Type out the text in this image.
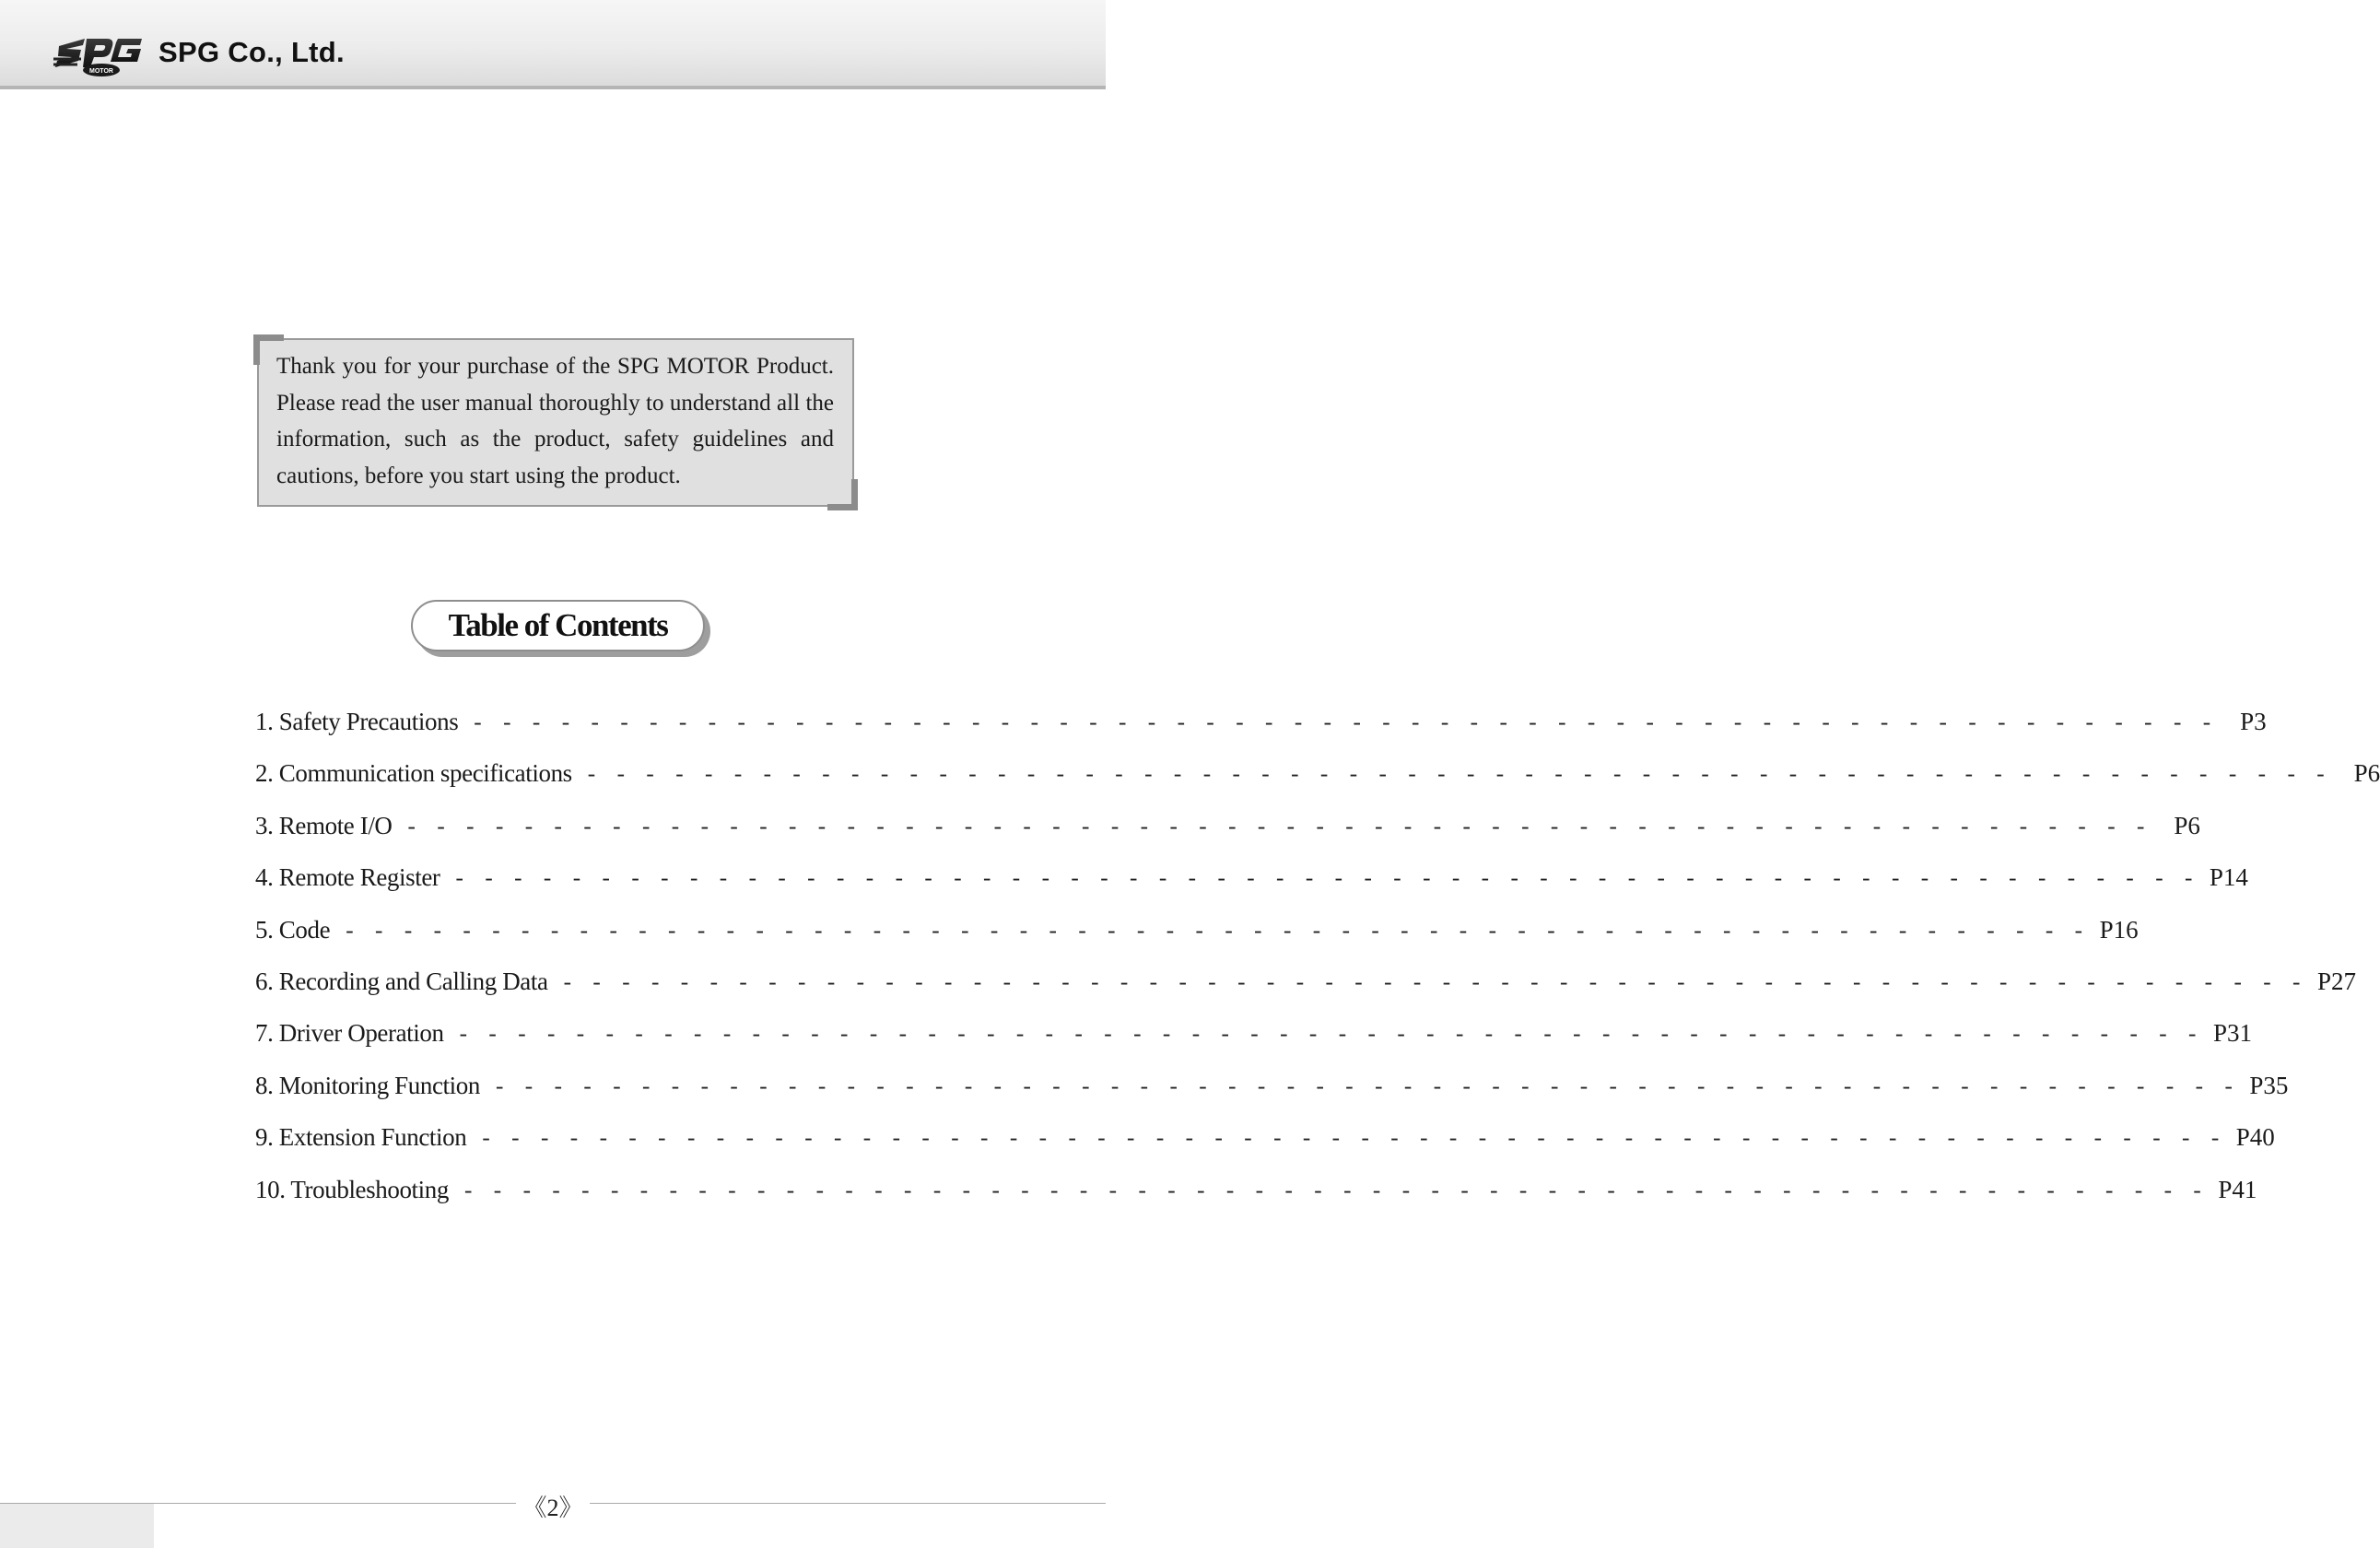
MOTOR
SPG Co., Ltd.
Thank you for your purchase of the SPG MOTOR Product. Please read the user manual thoroughly to understand all the information, such as the product, safety guidelines and cautions, before you start using the product.
Table of Contents
1. Safety Precautions - - - - - - - - - - - - - - - - - - - - - - - - - - - - - - - - - - - - - - - - - - - - - - - - - - - - - - - - - - - -	P3
2. Communication specifications - - - - - - - - - - - - - - - - - - - - - - - - - - - - - - - - - - - - - - - - - - - - - - - - - - - - - - - - - - - -	P6
3. Remote I/O - - - - - - - - - - - - - - - - - - - - - - - - - - - - - - - - - - - - - - - - - - - - - - - - - - - - - - - - - - - -	P6
4. Remote Register - - - - - - - - - - - - - - - - - - - - - - - - - - - - - - - - - - - - - - - - - - - - - - - - - - - - - - - - - - - - P14
5. Code - - - - - - - - - - - - - - - - - - - - - - - - - - - - - - - - - - - - - - - - - - - - - - - - - - - - - - - - - - - - P16
6. Recording and Calling Data - - - - - - - - - - - - - - - - - - - - - - - - - - - - - - - - - - - - - - - - - - - - - - - - - - - - - - - - - - - - P27
7. Driver Operation - - - - - - - - - - - - - - - - - - - - - - - - - - - - - - - - - - - - - - - - - - - - - - - - - - - - - - - - - - - - P31
8. Monitoring Function - - - - - - - - - - - - - - - - - - - - - - - - - - - - - - - - - - - - - - - - - - - - - - - - - - - - - - - - - - - - P35
9. Extension Function - - - - - - - - - - - - - - - - - - - - - - - - - - - - - - - - - - - - - - - - - - - - - - - - - - - - - - - - - - - - P40
10. Troubleshooting - - - - - - - - - - - - - - - - - - - - - - - - - - - - - - - - - - - - - - - - - - - - - - - - - - - - - - - - - - - - P41
《2》
